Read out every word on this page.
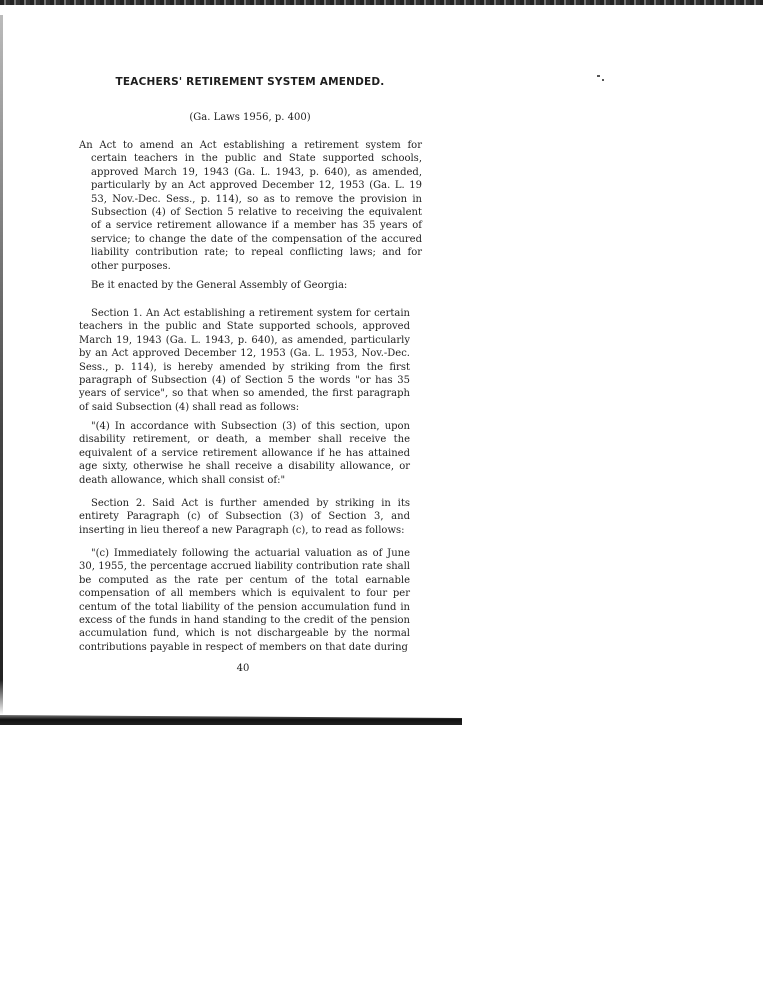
TEACHERS' RETIREMENT SYSTEM AMENDED.
(Ga. Laws 1956, p. 400)

An Act to amend an Act establishing a retirement system for certain teachers in the public and State supported schools, approved March 19, 1943 (Ga. L. 1943, p. 640), as amended, particularly by an Act approved December 12, 1953 (Ga. L. 19 53, Nov.-Dec. Sess., p. 114), so as to remove the provision in Subsection (4) of Section 5 relative to receiving the equivalent of a service retirement allowance if a member has 35 years of service; to change the date of the compensation of the accured liability contribution rate; to repeal conflicting laws; and for other purposes.

Be it enacted by the General Assembly of Georgia:

Section 1. An Act establishing a retirement system for certain teachers in the public and State supported schools, approved March 19, 1943 (Ga. L. 1943, p. 640), as amended, particularly by an Act approved December 12, 1953 (Ga. L. 1953, Nov.-Dec. Sess., p. 114), is hereby amended by striking from the first paragraph of Subsection (4) of Section 5 the words "or has 35 years of service", so that when so amended, the first paragraph of said Subsection (4) shall read as follows:

"(4) In accordance with Subsection (3) of this section, upon disability retirement, or death, a member shall receive the equivalent of a service retirement allowance if he has attained age sixty, otherwise he shall receive a disability allowance, or death allowance, which shall consist of:"

Section 2. Said Act is further amended by striking in its entirety Paragraph (c) of Subsection (3) of Section 3, and inserting in lieu thereof a new Paragraph (c), to read as follows:

"(c) Immediately following the actuarial valuation as of June 30, 1955, the percentage accrued liability contribution rate shall be computed as the rate per centum of the total earnable compensation of all members which is equivalent to four per centum of the total liability of the pension accumulation fund in excess of the funds in hand standing to the credit of the pension accumulation fund, which is not dischargeable by the normal contributions payable in respect of members on that date during

40
